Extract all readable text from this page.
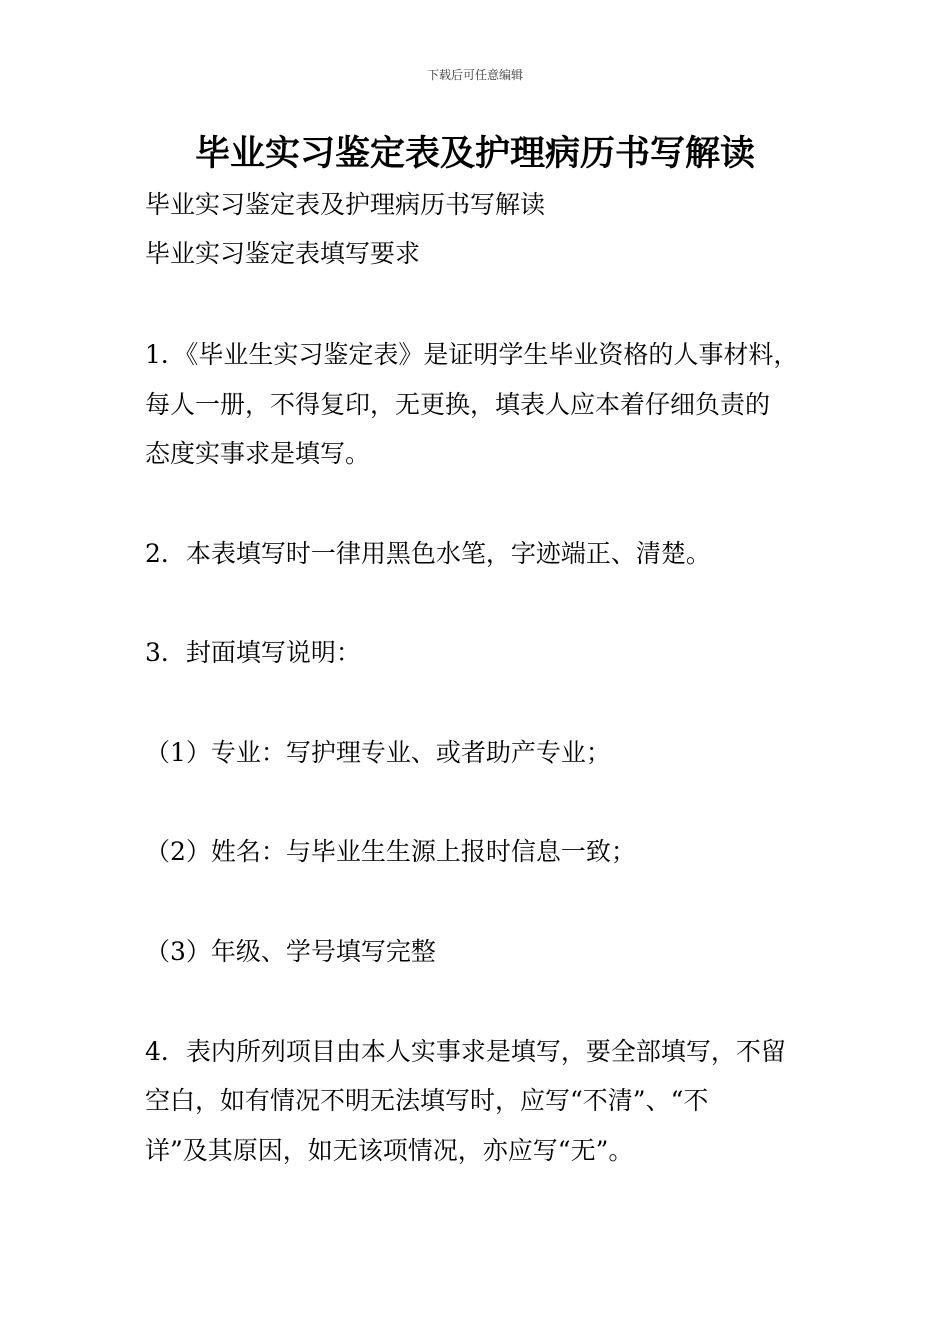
下载后可任意编辑
毕业实习鉴定表及护理病历书写解读
毕业实习鉴定表及护理病历书写解读
毕业实习鉴定表填写要求
1．《毕业生实习鉴定表》是证明学生毕业资格的人事材料，
每人一册，不得复印，无更换，填表人应本着仔细负责的
态度实事求是填写。
2．本表填写时一律用黑色水笔，字迹端正、清楚。
3．封面填写说明：
（1）专业：写护理专业、或者助产专业；
（2）姓名：与毕业生生源上报时信息一致；
（3）年级、学号填写完整
4．表内所列项目由本人实事求是填写，要全部填写，不留
空白，如有情况不明无法填写时，应写“不清”、“不
详”及其原因，如无该项情况，亦应写“无”。
